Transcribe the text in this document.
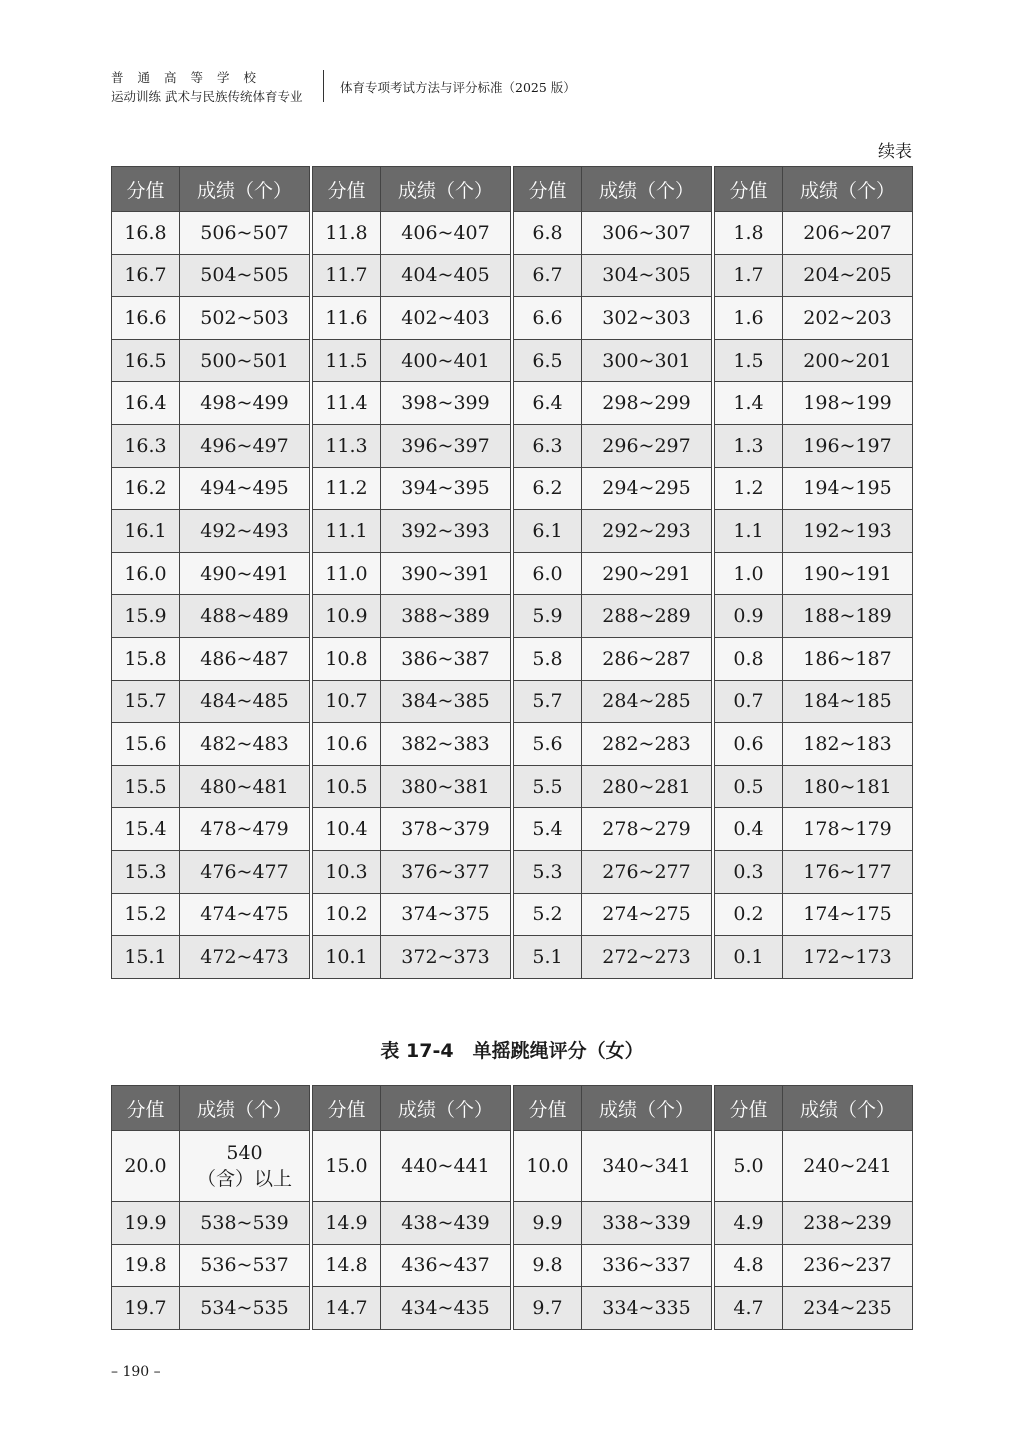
普通高等学校
运动训练 武术与民族传统体育专业
体育专项考试方法与评分标准（2025 版）
续表
分值	成绩（个）
16.8	506~507
16.7	504~505
16.6	502~503
16.5	500~501
16.4	498~499
16.3	496~497
16.2	494~495
16.1	492~493
16.0	490~491
15.9	488~489
15.8	486~487
15.7	484~485
15.6	482~483
15.5	480~481
15.4	478~479
15.3	476~477
15.2	474~475
15.1	472~473
分值	成绩（个）
11.8	406~407
11.7	404~405
11.6	402~403
11.5	400~401
11.4	398~399
11.3	396~397
11.2	394~395
11.1	392~393
11.0	390~391
10.9	388~389
10.8	386~387
10.7	384~385
10.6	382~383
10.5	380~381
10.4	378~379
10.3	376~377
10.2	374~375
10.1	372~373
分值	成绩（个）
6.8	306~307
6.7	304~305
6.6	302~303
6.5	300~301
6.4	298~299
6.3	296~297
6.2	294~295
6.1	292~293
6.0	290~291
5.9	288~289
5.8	286~287
5.7	284~285
5.6	282~283
5.5	280~281
5.4	278~279
5.3	276~277
5.2	274~275
5.1	272~273
分值	成绩（个）
1.8	206~207
1.7	204~205
1.6	202~203
1.5	200~201
1.4	198~199
1.3	196~197
1.2	194~195
1.1	192~193
1.0	190~191
0.9	188~189
0.8	186~187
0.7	184~185
0.6	182~183
0.5	180~181
0.4	178~179
0.3	176~177
0.2	174~175
0.1	172~173
表 17-4　单摇跳绳评分（女）
分值	成绩（个）
20.0	540
（含）以上
19.9	538~539
19.8	536~537
19.7	534~535
分值	成绩（个）
15.0	440~441
14.9	438~439
14.8	436~437
14.7	434~435
分值	成绩（个）
10.0	340~341
9.9	338~339
9.8	336~337
9.7	334~335
分值	成绩（个）
5.0	240~241
4.9	238~239
4.8	236~237
4.7	234~235
– 190 –
